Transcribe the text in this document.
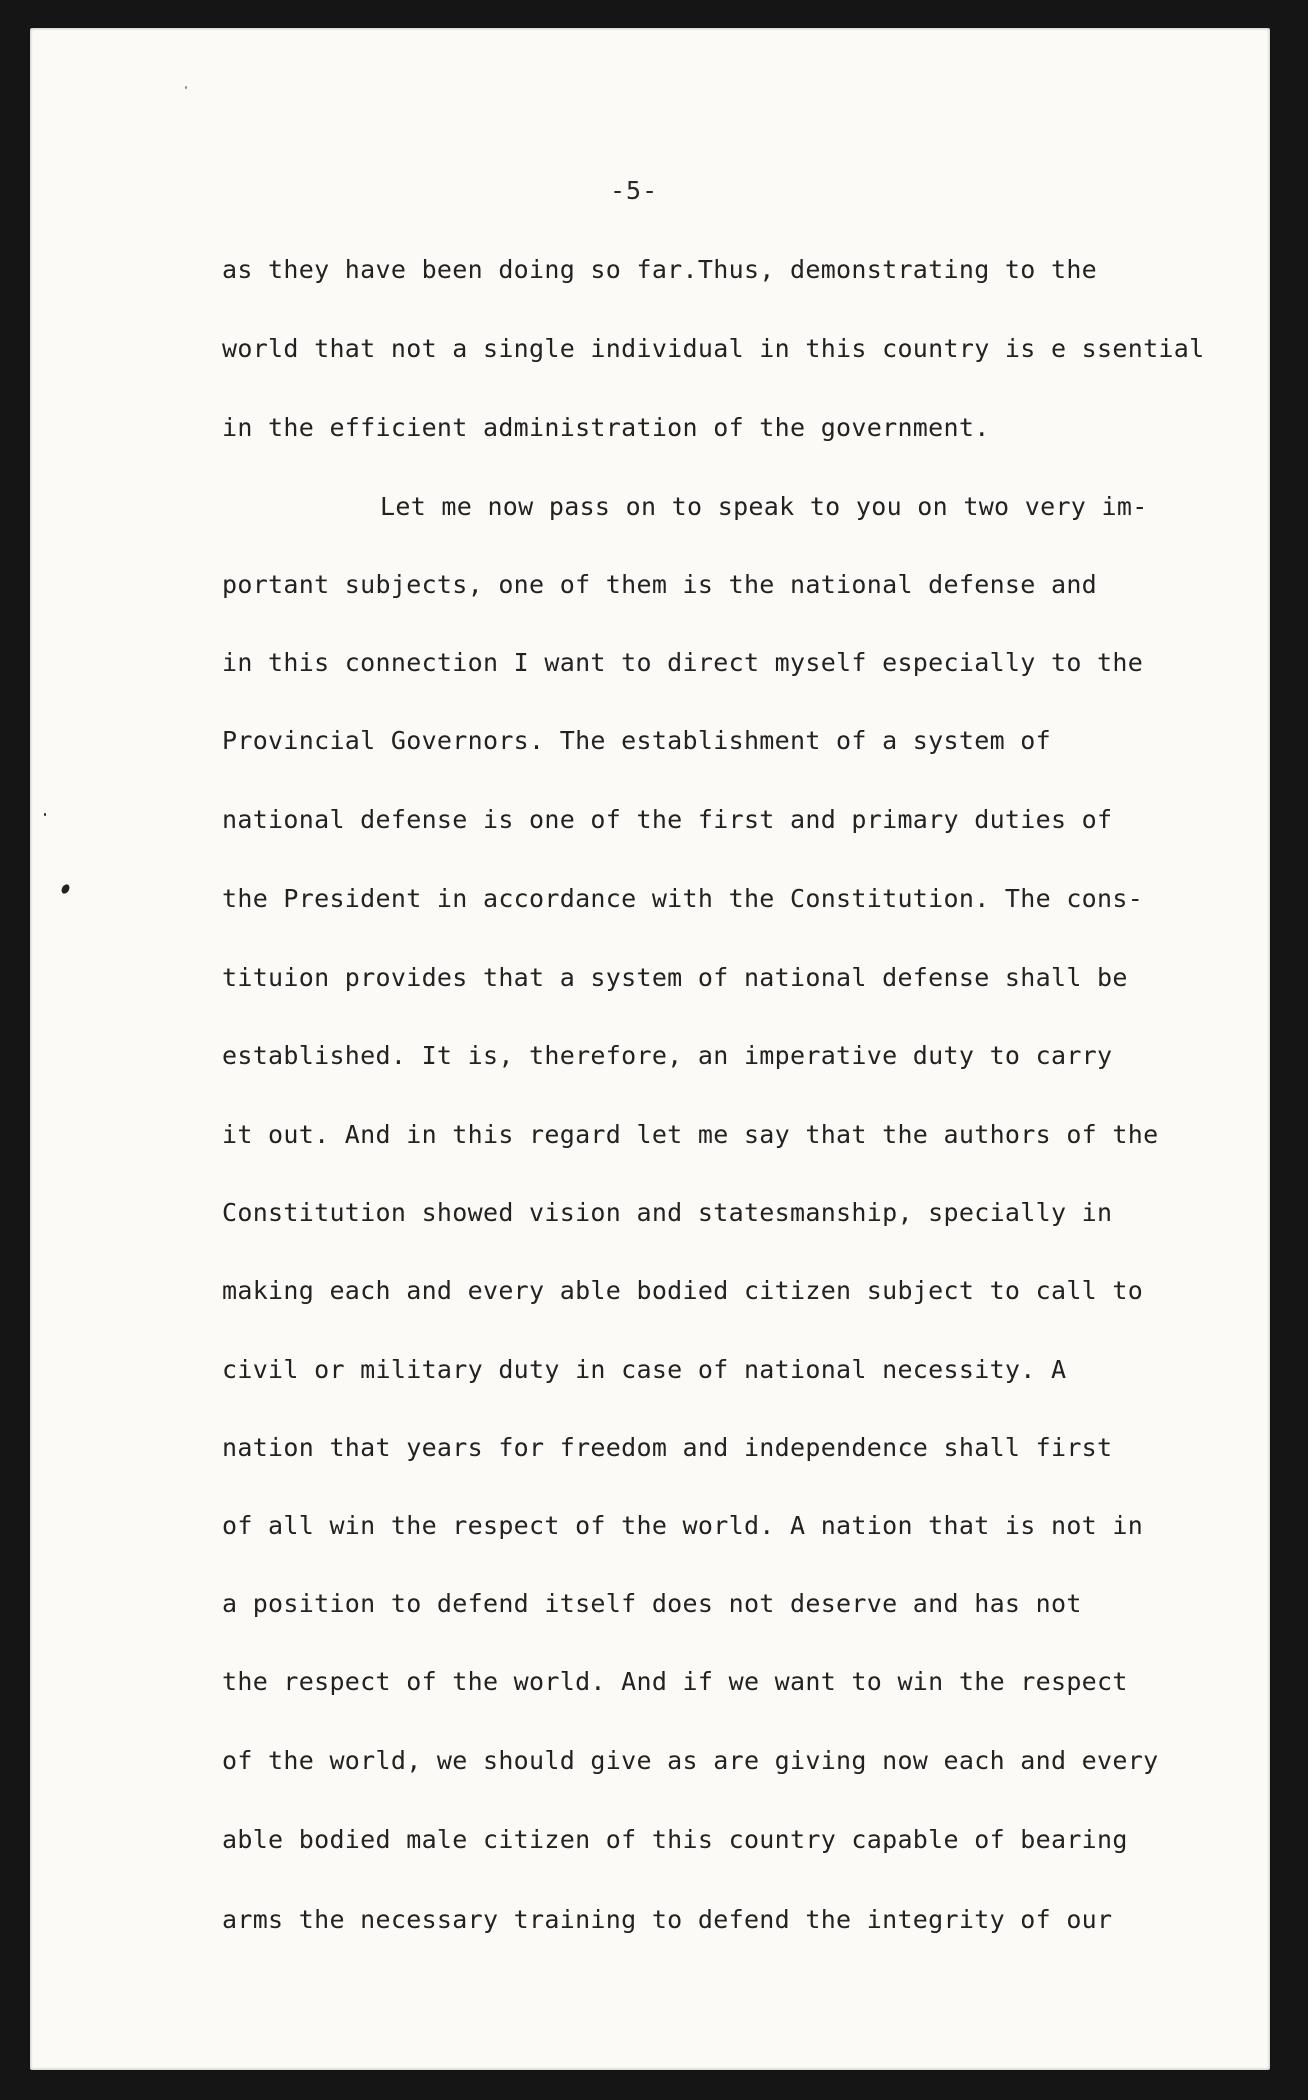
-5-
as they have been doing so far.Thus, demonstrating to the
world that not a single individual in this country is e ssential
in the efficient administration of the government.
Let me now pass on to speak to you on two very im-
portant subjects, one of them is the national defense and
in this connection I want to direct myself especially to the
Provincial Governors. The establishment of a system of
national defense is one of the first and primary duties of
the President in accordance with the Constitution. The cons-
tituion provides that a system of national defense shall be
established. It is, therefore, an imperative duty to carry
it out. And in this regard let me say that the authors of the
Constitution showed vision and statesmanship, specially in
making each and every able bodied citizen subject to call to
civil or military duty in case of national necessity. A
nation that years for freedom and independence shall first
of all win the respect of the world. A nation that is not in
a position to defend itself does not deserve and has not
the respect of the world. And if we want to win the respect
of the world, we should give as are giving now each and every
able bodied male citizen of this country capable of bearing
arms the necessary training to defend the integrity of our
